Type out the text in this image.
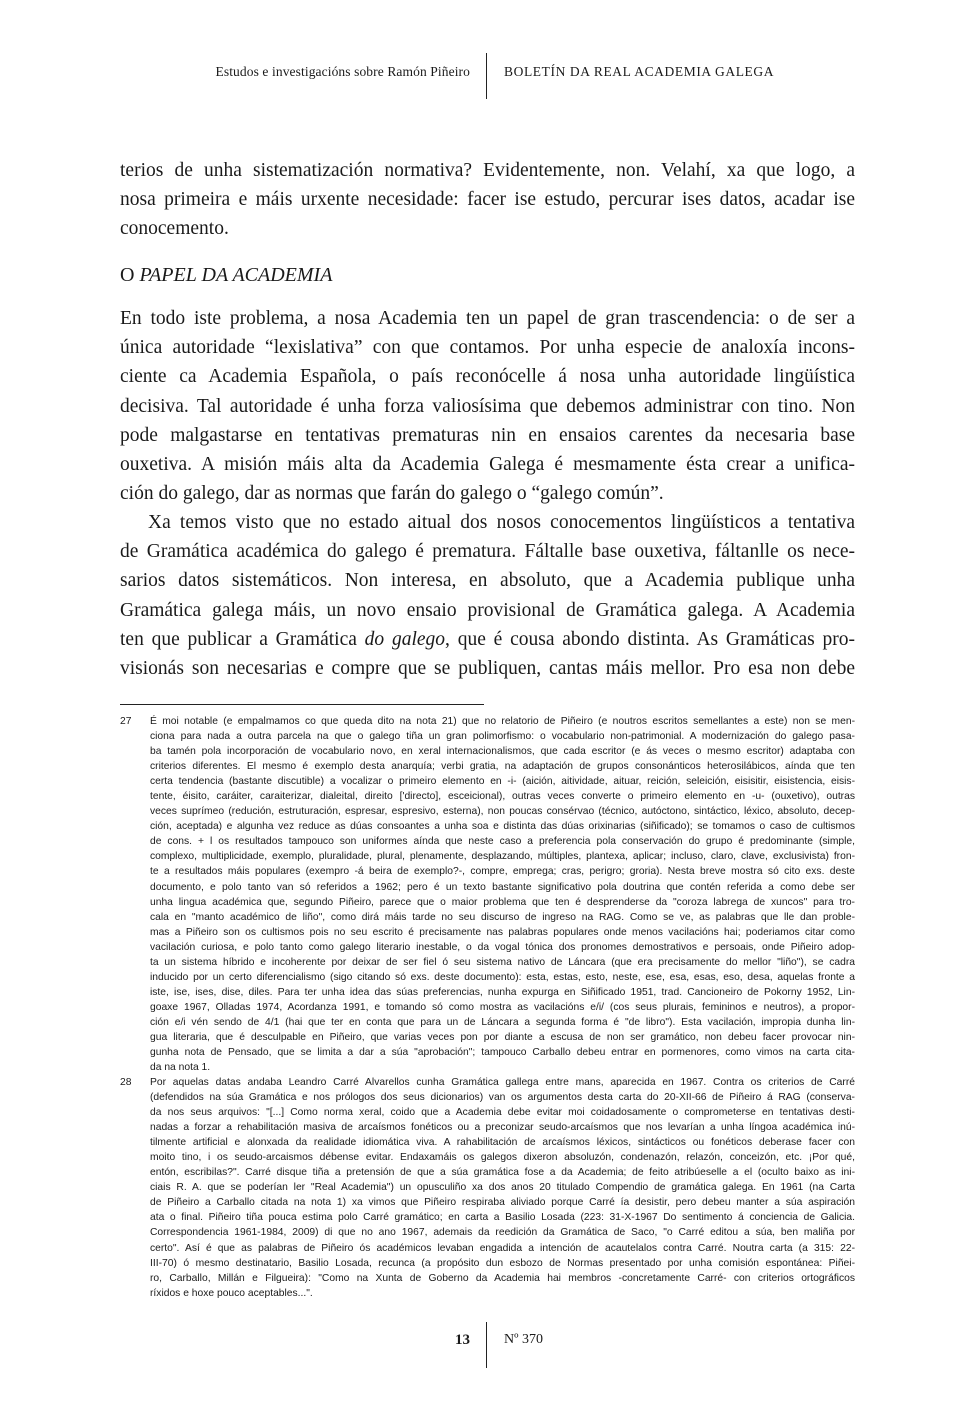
Estudos e investigacións sobre Ramón Piñeiro	BOLETÍN DA REAL ACADEMIA GALEGA
terios de unha sistematización normativa? Evidentemente, non. Velahí, xa que logo, a
nosa primeira e máis urxente necesidade: facer ise estudo, percurar ises datos, acadar ise
conocemento.
O PAPEL DA ACADEMIA
En todo iste problema, a nosa Academia ten un papel de gran trascendencia: o de ser a
única autoridade “lexislativa” con que contamos. Por unha especie de analoxía incons-
ciente ca Academia Española, o país reconócelle á nosa unha autoridade lingüística
decisiva. Tal autoridade é unha forza valiosísima que debemos administrar con tino. Non
pode malgastarse en tentativas prematuras nin en ensaios carentes da necesaria base
ouxetiva. A misión máis alta da Academia Galega é mesmamente ésta crear a unifica-
ción do galego, dar as normas que farán do galego o “galego común”.
Xa temos visto que no estado aitual dos nosos conocementos lingüísticos a tentativa
de Gramática académica do galego é prematura. Fáltalle base ouxetiva, fáltanlle os nece-
sarios datos sistemáticos. Non interesa, en absoluto, que a Academia publique unha
Gramática galega máis, un novo ensaio provisional de Gramática galega. A Academia
ten que publicar a Gramática do galego, que é cousa abondo distinta. As Gramáticas pro-
visionás son necesarias e compre que se publiquen, cantas máis mellor. Pro esa non debe
27 É moi notable (e empalmamos co que queda dito na nota 21) que no relatorio de Piñeiro (e noutros escritos semellantes a este) non se men-
ciona para nada a outra parcela na que o galego tiña un gran polimorfismo: o vocabulario non-patrimonial. A modernización do galego pasa-
ba tamén pola incorporación de vocabulario novo, en xeral internacionalismos, que cada escritor (e ás veces o mesmo escritor) adaptaba con
criterios diferentes. El mesmo é exemplo desta anarquía; verbi gratia, na adaptación de grupos consonánticos heterosilábicos, aínda que ten
certa tendencia (bastante discutible) a vocalizar o primeiro elemento en -i- (aición, aitividade, aituar, reición, seleición, eisisitir, eisistencia, eisis-
tente, éisito, caráiter, caraiterizar, dialeital, direito ['directo], esceicional), outras veces converte o primeiro elemento en -u- (ouxetivo), outras
veces suprímeo (redución, estruturación, espresar, espresivo, esterna), non poucas consérvao (técnico, autóctono, sintáctico, léxico, absoluto, decep-
ción, aceptada) e algunha vez reduce as dúas consoantes a unha soa e distinta das dúas orixinarias (siñificado); se tomamos o caso de cultismos
de cons. + l os resultados tampouco son uniformes aínda que neste caso a preferencia pola conservación do grupo é predominante (simple,
complexo, multiplicidade, exemplo, pluralidade, plural, plenamente, desplazando, múltiples, plantexa, aplicar; incluso, claro, clave, exclusivista) fron-
te a resultados máis populares (exempro -á beira de exemplo?-, compre, emprega; cras, perigro; groria). Nesta breve mostra só cito exs. deste
documento, e polo tanto van só referidos a 1962; pero é un texto bastante significativo pola doutrina que contén referida a como debe ser
unha lingua académica que, segundo Piñeiro, parece que o maior problema que ten é desprenderse da "coroza labrega de xuncos" para tro-
cala en "manto académico de liño", como dirá máis tarde no seu discurso de ingreso na RAG. Como se ve, as palabras que lle dan proble-
mas a Piñeiro son os cultismos pois no seu escrito é precisamente nas palabras populares onde menos vacilacións hai; poderiamos citar como
vacilación curiosa, e polo tanto como galego literario inestable, o da vogal tónica dos pronomes demostrativos e persoais, onde Piñeiro adop-
ta un sistema híbrido e incoherente por deixar de ser fiel ó seu sistema nativo de Láncara (que era precisamente do mellor "liño"), se cadra
inducido por un certo diferencialismo (sigo citando só exs. deste documento): esta, estas, esto, neste, ese, esa, esas, eso, desa, aquelas fronte a
iste, ise, ises, dise, diles. Para ter unha idea das súas preferencias, nunha expurga en Siñificado 1951, trad. Cancioneiro de Pokorny 1952, Lin-
goaxe 1967, Olladas 1974, Acordanza 1991, e tomando só como mostra as vacilacións e/i/ (cos seus plurais, femininos e neutros), a propor-
ción e/i vén sendo de 4/1 (hai que ter en conta que para un de Láncara a segunda forma é "de libro"). Esta vacilación, impropia dunha lin-
gua literaria, que é desculpable en Piñeiro, que varias veces pon por diante a escusa de non ser gramático, non debeu facer provocar nin-
gunha nota de Pensado, que se limita a dar a súa "aprobación"; tampouco Carballo debeu entrar en pormenores, como vimos na carta cita-
da na nota 1.
28 Por aquelas datas andaba Leandro Carré Alvarellos cunha Gramática gallega entre mans, aparecida en 1967. Contra os criterios de Carré
(defendidos na súa Gramática e nos prólogos dos seus dicionarios) van os argumentos desta carta do 20-XII-66 de Piñeiro á RAG (conserva-
da nos seus arquivos: "[...] Como norma xeral, coido que a Academia debe evitar moi coidadosamente o comprometerse en tentativas desti-
nadas a forzar a rehabilitación masiva de arcaísmos fonéticos ou a preconizar seudo-arcaísmos que nos levarían a unha língoa académica inú-
tilmente artificial e alonxada da realidade idiomática viva. A rahabilitación de arcaísmos léxicos, sintácticos ou fonéticos deberase facer con
moito tino, i os seudo-arcaismos débense evitar. Endaxamáis os galegos dixeron absoluzón, condenazón, relazón, conceizón, etc. ¡Por qué,
entón, escribilas?". Carré disque tiña a pretensión de que a súa gramática fose a da Academia; de feito atribúeselle a el (oculto baixo as ini-
ciais R. A. que se poderían ler "Real Academia") un opusculiño xa dos anos 20 titulado Compendio de gramática galega. En 1961 (na Carta
de Piñeiro a Carballo citada na nota 1) xa vimos que Piñeiro respiraba aliviado porque Carré ía desistir, pero debeu manter a súa aspiración
ata o final. Piñeiro tiña pouca estima polo Carré gramático; en carta a Basilio Losada (223: 31-X-1967 Do sentimento á conciencia de Galicia.
Correspondencia 1961-1984, 2009) di que no ano 1967, ademais da reedición da Gramática de Saco, "o Carré editou a súa, ben maliña por
certo". Así é que as palabras de Piñeiro ós académicos levaban engadida a intención de acautelalos contra Carré. Noutra carta (a 315: 22-
III-70) ó mesmo destinatario, Basilio Losada, recunca (a propósito dun esbozo de Normas presentado por unha comisión espontánea: Piñei-
ro, Carballo, Millán e Filgueira): "Como na Xunta de Goberno da Academia hai membros -concretamente Carré- con criterios ortográficos
ríxidos e hoxe pouco aceptables...".
13 Nº 370
